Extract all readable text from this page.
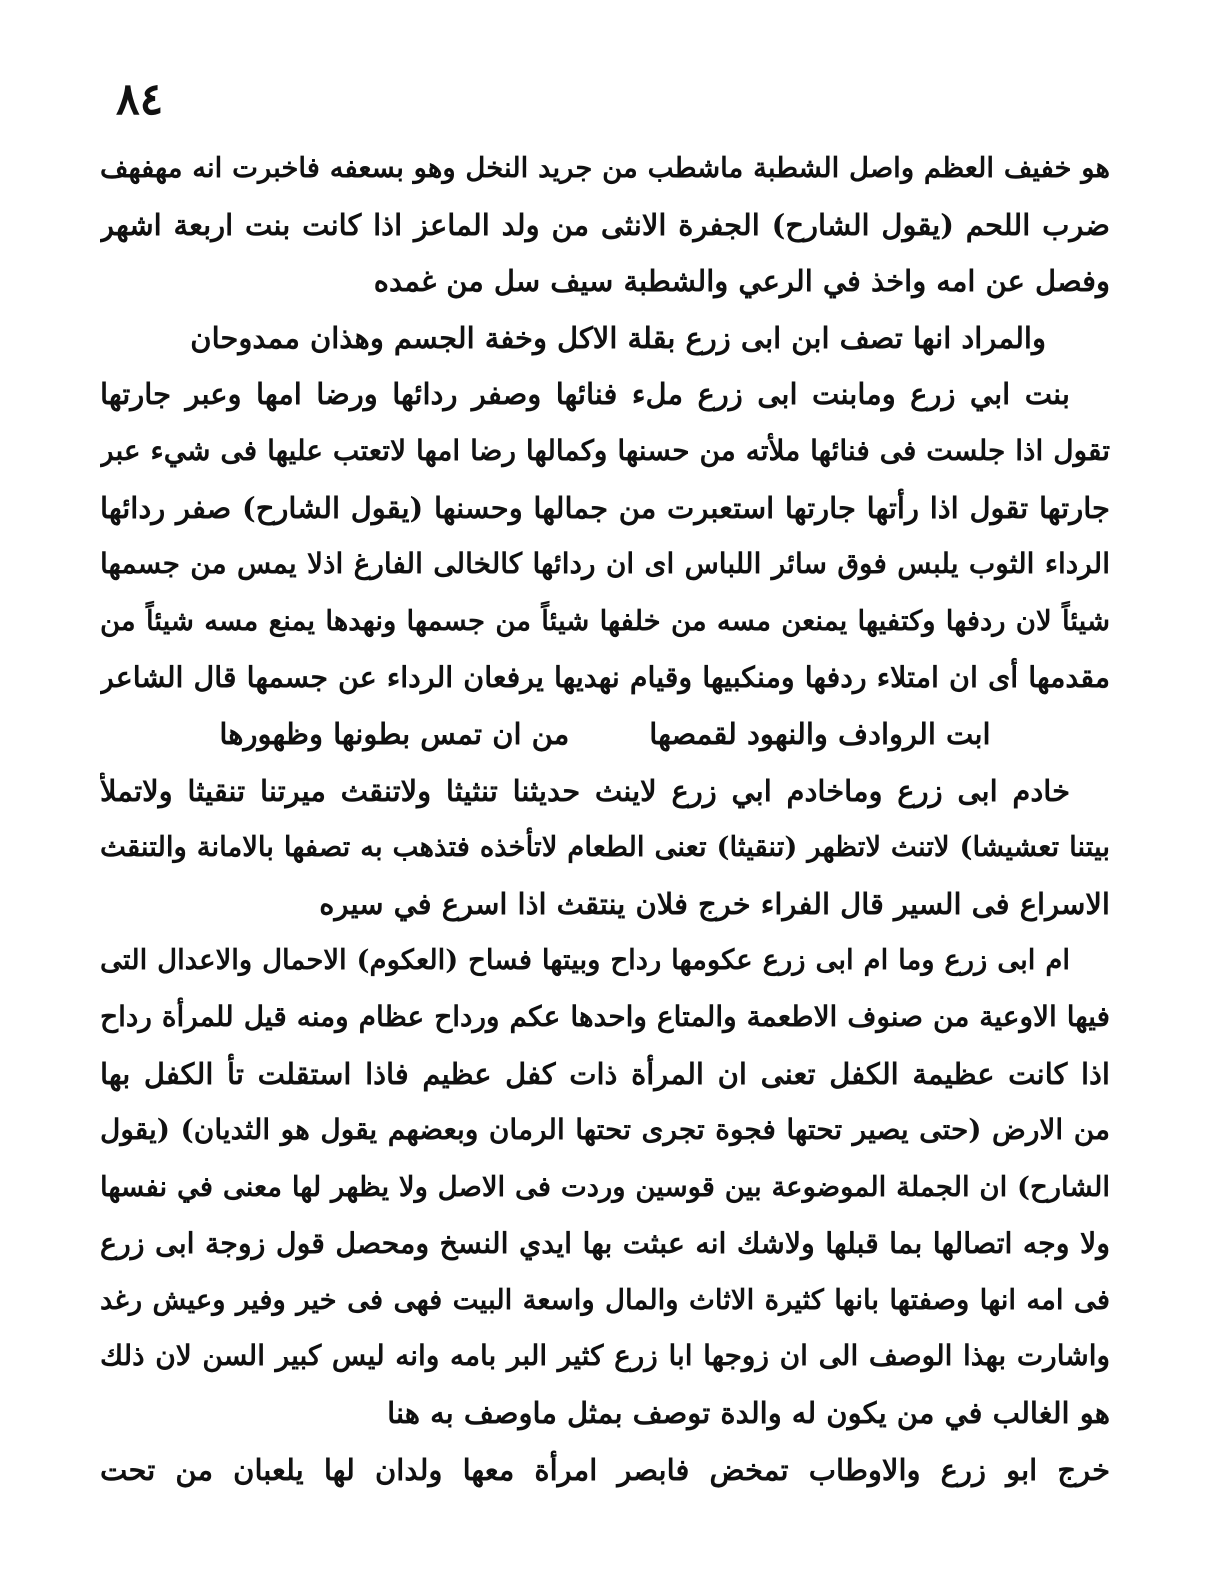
٨٤
هو خفيف العظم واصل الشطبة ماشطب من جريد النخل وهو بسعفه فاخبرت انه مهفهف
ضرب اللحم (يقول الشارح) الجفرة الانثى من ولد الماعز اذا كانت بنت اربعة اشهر
وفصل عن امه واخذ في الرعي والشطبة سيف سل من غمده
والمراد انها تصف ابن ابى زرع بقلة الاكل وخفة الجسم وهذان ممدوحان
بنت ابي زرع ومابنت ابى زرع ملء فنائها وصفر ردائها ورضا امها وعبر جارتها
تقول اذا جلست فى فنائها ملأته من حسنها وكمالها رضا امها لاتعتب عليها فى شيء عبر
جارتها تقول اذا رأتها جارتها استعبرت من جمالها وحسنها (يقول الشارح) صفر ردائها
الرداء الثوب يلبس فوق سائر اللباس اى ان ردائها كالخالى الفارغ اذلا يمس من جسمها
شيئاً لان ردفها وكتفيها يمنعن مسه من خلفها شيئاً من جسمها ونهدها يمنع مسه شيئاً من
مقدمها أى ان امتلاء ردفها ومنكبيها وقيام نهديها يرفعان الرداء عن جسمها قال الشاعر
ابت الروادف والنهود لقمصها
من ان تمس بطونها وظهورها
خادم ابى زرع وماخادم ابي زرع لاينث حديثنا تنثيثا ولاتنقث ميرتنا تنقيثا ولاتملأ
بيتنا تعشيشا) لاتنث لاتظهر (تنقيثا) تعنى الطعام لاتأخذه فتذهب به تصفها بالامانة والتنقث
الاسراع فى السير قال الفراء خرج فلان ينتقث اذا اسرع في سيره
ام ابى زرع وما ام ابى زرع عكومها رداح وبيتها فساح (العكوم) الاحمال والاعدال التى
فيها الاوعية من صنوف الاطعمة والمتاع واحدها عكم ورداح عظام ومنه قيل للمرأة رداح
اذا كانت عظيمة الكفل تعنى ان المرأة ذات كفل عظيم فاذا استقلت تأ الكفل بها
من الارض (حتى يصير تحتها فجوة تجرى تحتها الرمان وبعضهم يقول هو الثديان) (يقول
الشارح) ان الجملة الموضوعة بين قوسين وردت فى الاصل ولا يظهر لها معنى في نفسها
ولا وجه اتصالها بما قبلها ولاشك انه عبثت بها ايدي النسخ ومحصل قول زوجة ابى زرع
فى امه انها وصفتها بانها كثيرة الاثاث والمال واسعة البيت فهى فى خير وفير وعيش رغد
واشارت بهذا الوصف الى ان زوجها ابا زرع كثير البر بامه وانه ليس كبير السن لان ذلك
هو الغالب في من يكون له والدة توصف بمثل ماوصف به هنا
خرج ابو زرع والاوطاب تمخض فابصر امرأة معها ولدان لها يلعبان من تحت
